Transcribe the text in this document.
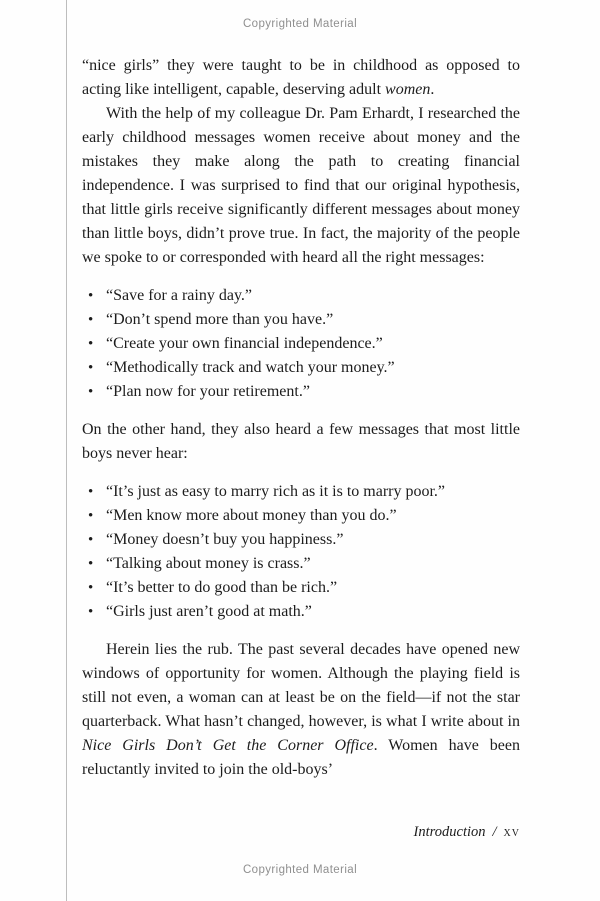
Copyrighted Material

“nice girls” they were taught to be in childhood as opposed to acting like intelligent, capable, deserving adult women.

With the help of my colleague Dr. Pam Erhardt, I researched the early childhood messages women receive about money and the mistakes they make along the path to creating financial independence. I was surprised to find that our original hypothesis, that little girls receive significantly different messages about money than little boys, didn’t prove true. In fact, the majority of the people we spoke to or corresponded with heard all the right messages:

• “Save for a rainy day.”
• “Don’t spend more than you have.”
• “Create your own financial independence.”
• “Methodically track and watch your money.”
• “Plan now for your retirement.”

On the other hand, they also heard a few messages that most little boys never hear:

• “It’s just as easy to marry rich as it is to marry poor.”
• “Men know more about money than you do.”
• “Money doesn’t buy you happiness.”
• “Talking about money is crass.”
• “It’s better to do good than be rich.”
• “Girls just aren’t good at math.”

Herein lies the rub. The past several decades have opened new windows of opportunity for women. Although the playing field is still not even, a woman can at least be on the field—if not the star quarterback. What hasn’t changed, however, is what I write about in Nice Girls Don’t Get the Corner Office. Women have been reluctantly invited to join the old-boys’

Introduction / xv
Copyrighted Material
